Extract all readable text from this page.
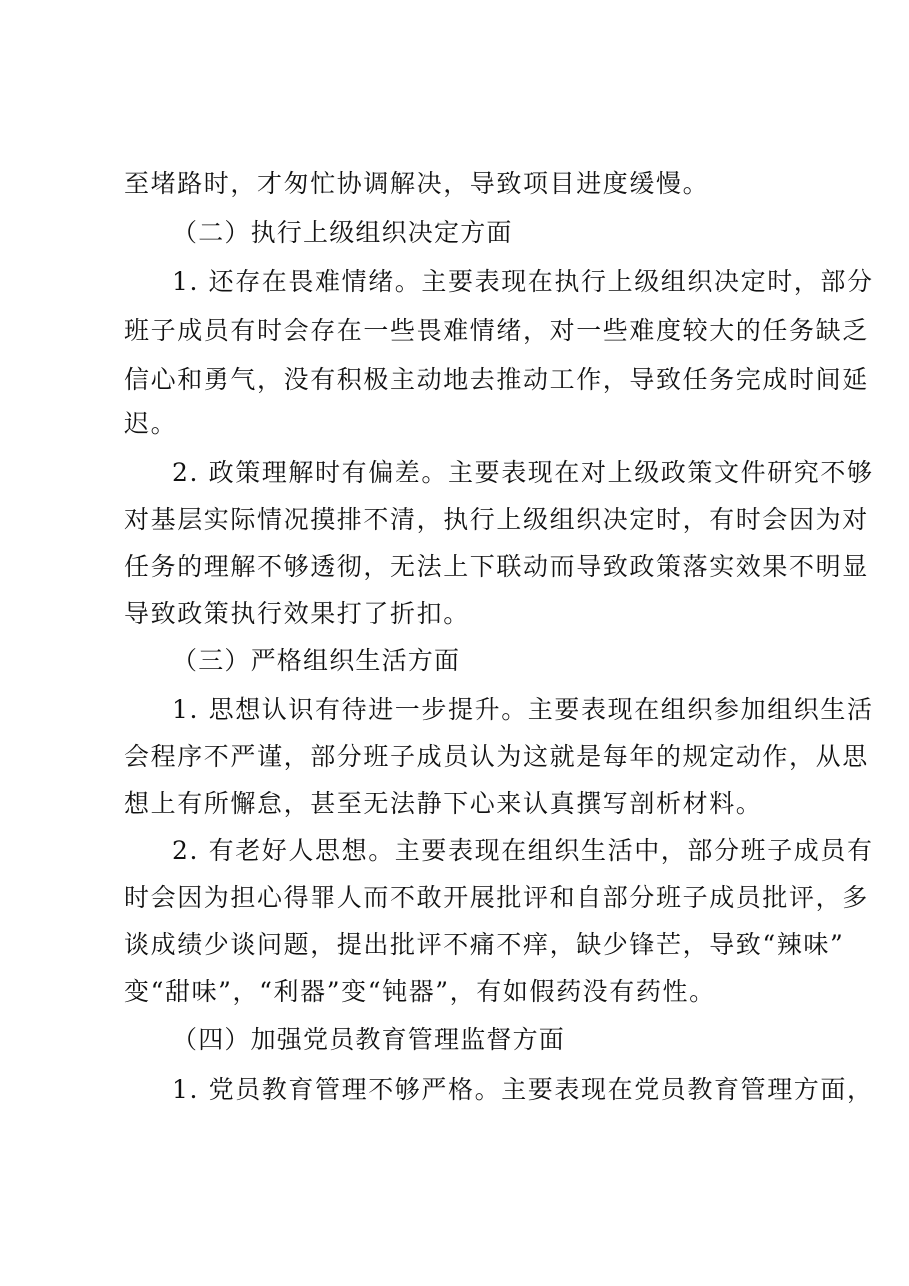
至堵路时，才匆忙协调解决，导致项目进度缓慢。
（二）执行上级组织决定方面
1. 还存在畏难情绪。主要表现在执行上级组织决定时，部分
班子成员有时会存在一些畏难情绪，对一些难度较大的任务缺乏
信心和勇气，没有积极主动地去推动工作，导致任务完成时间延
迟。
2. 政策理解时有偏差。主要表现在对上级政策文件研究不够
对基层实际情况摸排不清，执行上级组织决定时，有时会因为对
任务的理解不够透彻，无法上下联动而导致政策落实效果不明显
导致政策执行效果打了折扣。
（三）严格组织生活方面
1. 思想认识有待进一步提升。主要表现在组织参加组织生活
会程序不严谨，部分班子成员认为这就是每年的规定动作，从思
想上有所懈怠，甚至无法静下心来认真撰写剖析材料。
2. 有老好人思想。主要表现在组织生活中，部分班子成员有
时会因为担心得罪人而不敢开展批评和自部分班子成员批评，多
谈成绩少谈问题，提出批评不痛不痒，缺少锋芒，导致“辣味”
变“甜味”，“利器”变“钝器”，有如假药没有药性。
（四）加强党员教育管理监督方面
1. 党员教育管理不够严格。主要表现在党员教育管理方面，
